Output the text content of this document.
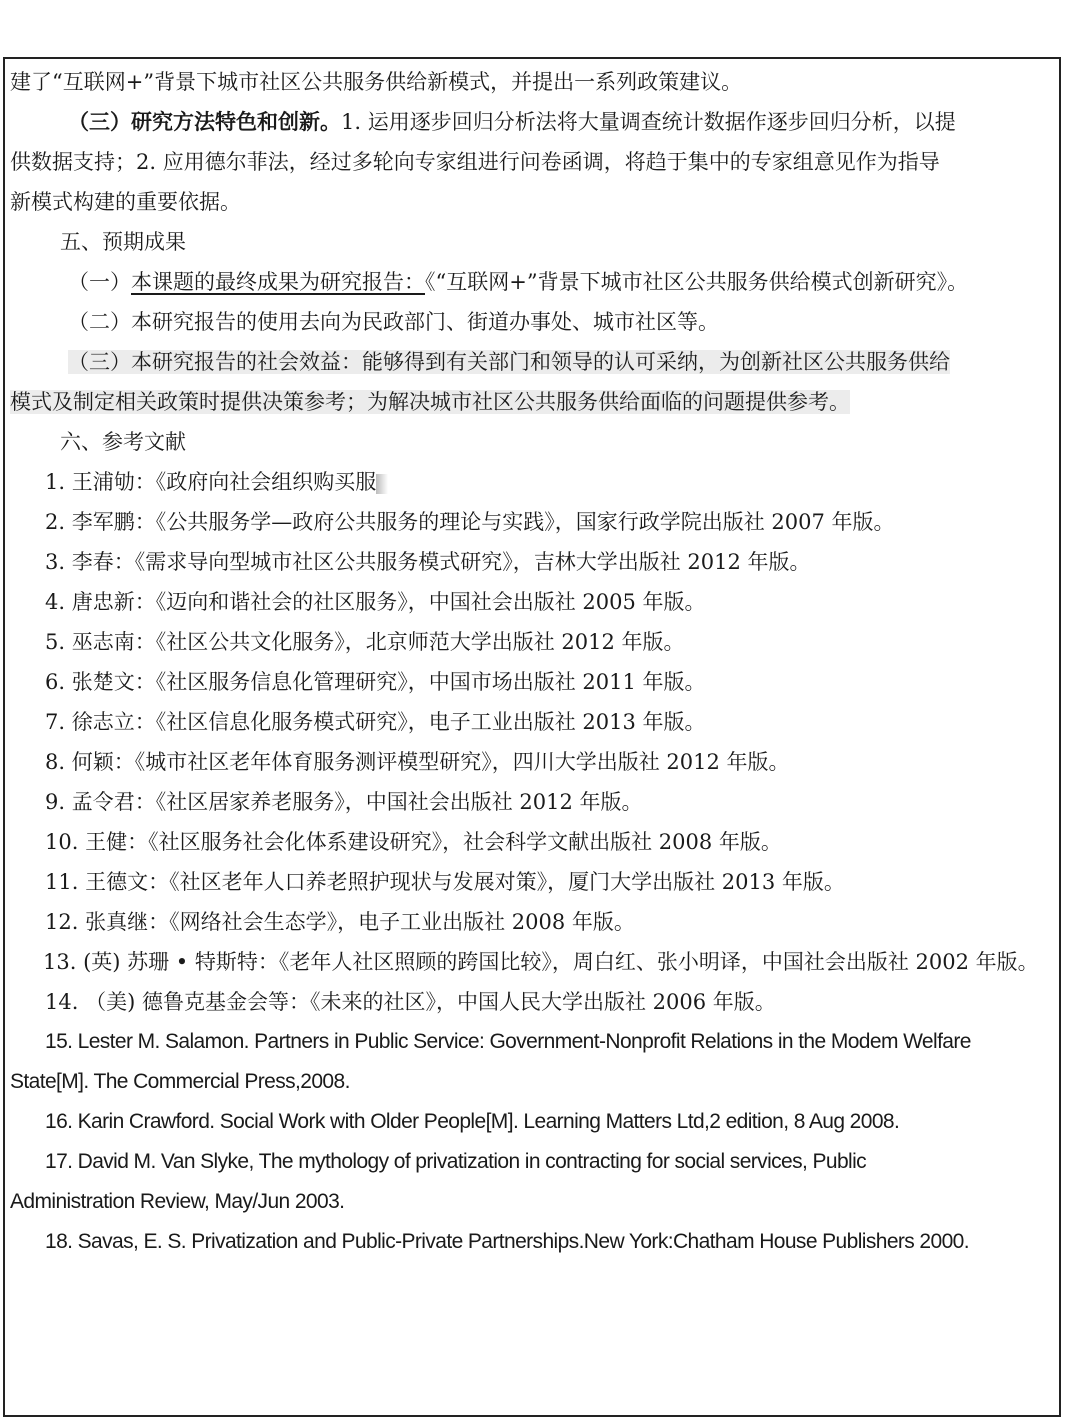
建了“互联网+”背景下城市社区公共服务供给新模式，并提出一系列政策建议。
（三）研究方法特色和创新。1. 运用逐步回归分析法将大量调查统计数据作逐步回归分析，以提
供数据支持；2. 应用德尔菲法，经过多轮向专家组进行问卷函调，将趋于集中的专家组意见作为指导
新模式构建的重要依据。
五、预期成果
（一）本课题的最终成果为研究报告：《“互联网+”背景下城市社区公共服务供给模式创新研究》。
（二）本研究报告的使用去向为民政部门、街道办事处、城市社区等。
（三）本研究报告的社会效益：能够得到有关部门和领导的认可采纳，为创新社区公共服务供给
模式及制定相关政策时提供决策参考；为解决城市社区公共服务供给面临的问题提供参考。
六、参考文献
1. 王浦劬：《政府向社会组织购买服
2. 李军鹏：《公共服务学—政府公共服务的理论与实践》，国家行政学院出版社 2007 年版。
3. 李春：《需求导向型城市社区公共服务模式研究》，吉林大学出版社 2012 年版。
4. 唐忠新：《迈向和谐社会的社区服务》，中国社会出版社 2005 年版。
5. 巫志南：《社区公共文化服务》，北京师范大学出版社 2012 年版。
6. 张楚文：《社区服务信息化管理研究》，中国市场出版社 2011 年版。
7. 徐志立：《社区信息化服务模式研究》，电子工业出版社 2013 年版。
8. 何颖：《城市社区老年体育服务测评模型研究》，四川大学出版社 2012 年版。
9. 孟令君：《社区居家养老服务》，中国社会出版社 2012 年版。
10. 王健：《社区服务社会化体系建设研究》，社会科学文献出版社 2008 年版。
11. 王德文：《社区老年人口养老照护现状与发展对策》，厦门大学出版社 2013 年版。
12. 张真继：《网络社会生态学》，电子工业出版社 2008 年版。
13. (英) 苏珊 • 特斯特：《老年人社区照顾的跨国比较》，周白红、张小明译，中国社会出版社 2002 年版。
14. （美) 德鲁克基金会等：《未来的社区》，中国人民大学出版社 2006 年版。
15. Lester M. Salamon. Partners in Public Service: Government-Nonprofit Relations in the Modem Welfare
State[M]. The Commercial Press,2008.
16. Karin Crawford. Social Work with Older People[M]. Learning Matters Ltd,2 edition, 8 Aug 2008.
17. David M. Van Slyke, The mythology of privatization in contracting for social services, Public
Administration Review, May/Jun 2003.
18. Savas, E. S. Privatization and Public-Private Partnerships.New York:Chatham House Publishers 2000.
